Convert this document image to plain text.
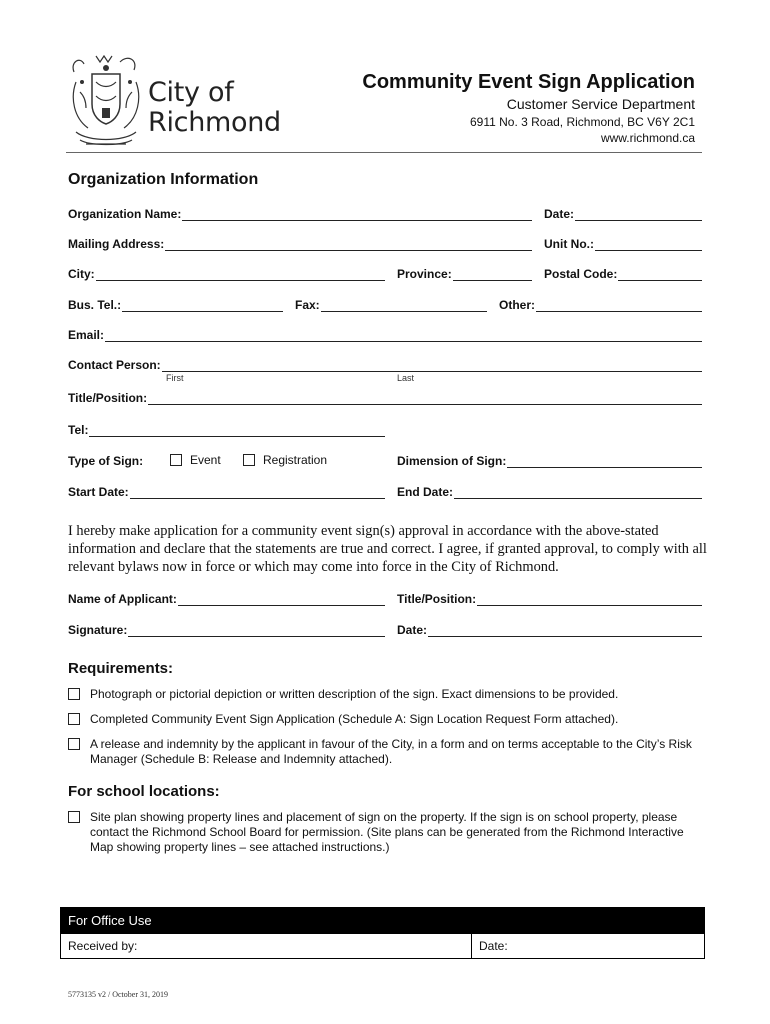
City of
Richmond
Community Event Sign Application
Customer Service Department
6911 No. 3 Road, Richmond, BC V6Y 2C1
www.richmond.ca
Organization Information
Organization Name:	Date:
Mailing Address:	Unit No.:
City:	Province:	Postal Code:
Bus. Tel.:	Fax:	Other:
Email:
Contact Person:
First	Last
Title/Position:
Tel:
Type of Sign:	Event	Registration	Dimension of Sign:
Start Date:	End Date:
I hereby make application for a community event sign(s) approval in accordance with the above-stated information and declare that the statements are true and correct. I agree, if granted approval, to comply with all relevant bylaws now in force or which may come into force in the City of Richmond.
Name of Applicant:	Title/Position:
Signature:	Date:
Requirements:
Photograph or pictorial depiction or written description of the sign. Exact dimensions to be provided.
Completed Community Event Sign Application (Schedule A: Sign Location Request Form attached).
A release and indemnity by the applicant in favour of the City, in a form and on terms acceptable to the City’s Risk Manager (Schedule B: Release and Indemnity attached).
For school locations:
Site plan showing property lines and placement of sign on the property. If the sign is on school property, please contact the Richmond School Board for permission. (Site plans can be generated from the Richmond Interactive Map showing property lines – see attached instructions.)
For Office Use
Received by:	Date:
5773135 v2 / October 31, 2019
